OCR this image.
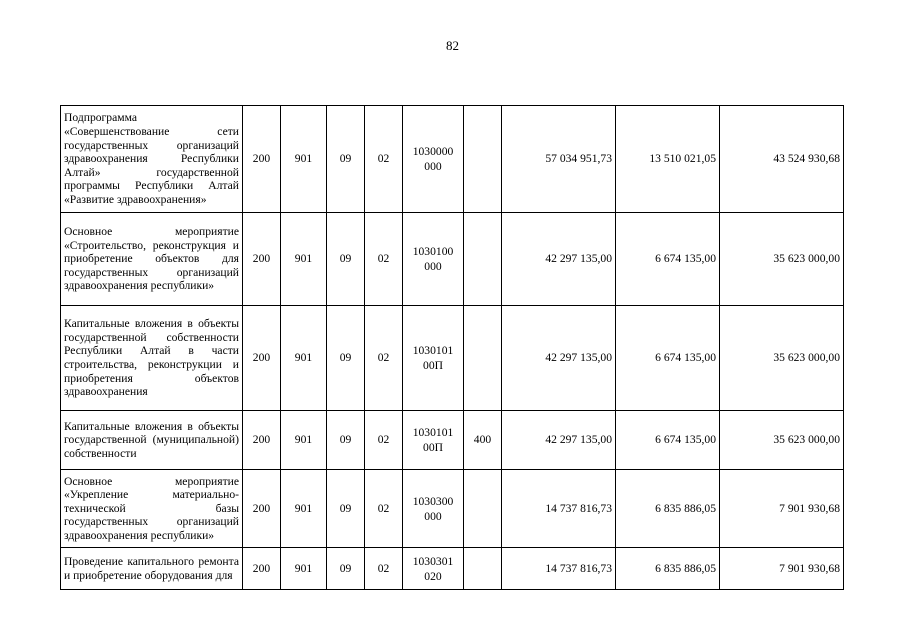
82
Подпрограмма «Совершенствование сети государственных организаций здравоохранения Республики Алтай» государственной программы Республики Алтай «Развитие здравоохранения»	200	901	09	02	1030000 000		57 034 951,73	13 510 021,05	43 524 930,68
Основное мероприятие «Строительство, реконструкция и приобретение объектов для государственных организаций здравоохранения республики»	200	901	09	02	1030100 000		42 297 135,00	6 674 135,00	35 623 000,00
Капитальные вложения в объекты государственной собственности Республики Алтай в части строительства, реконструкции и приобретения объектов здравоохранения	200	901	09	02	1030101 00П		42 297 135,00	6 674 135,00	35 623 000,00
Капитальные вложения в объекты государственной (муниципальной) собственности	200	901	09	02	1030101 00П	400	42 297 135,00	6 674 135,00	35 623 000,00
Основное мероприятие «Укрепление материально-технической базы государственных организаций здравоохранения республики»	200	901	09	02	1030300 000		14 737 816,73	6 835 886,05	7 901 930,68
Проведение капитального ремонта и приобретение оборудования для	200	901	09	02	1030301 020		14 737 816,73	6 835 886,05	7 901 930,68
